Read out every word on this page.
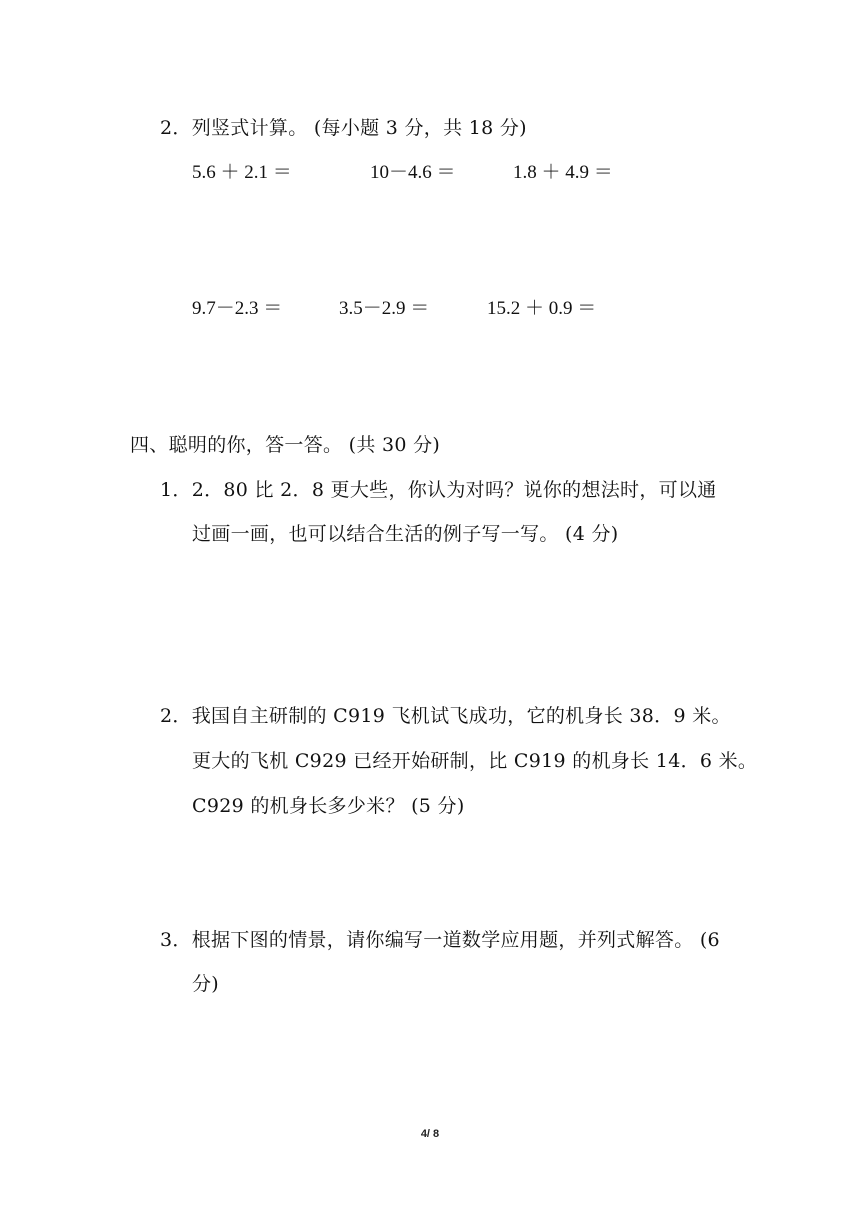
2．列竖式计算。 (每小题 3 分，共 18 分)
5.6 ＋ 2.1 ＝	10－4.6 ＝	1.8 ＋ 4.9 ＝
9.7－2.3 ＝	3.5－2.9 ＝	15.2 ＋ 0.9 ＝
四、聪明的你，答一答。 (共 30 分)
1．2．80 比 2．8 更大些，你认为对吗？说你的想法时，可以通
过画一画，也可以结合生活的例子写一写。 (4 分)
2．我国自主研制的 C919 飞机试飞成功，它的机身长 38．9 米。
更大的飞机 C929 已经开始研制，比 C919 的机身长 14．6 米。
C929 的机身长多少米？ (5 分)
3．根据下图的情景，请你编写一道数学应用题，并列式解答。 (6
分)
4/ 8
